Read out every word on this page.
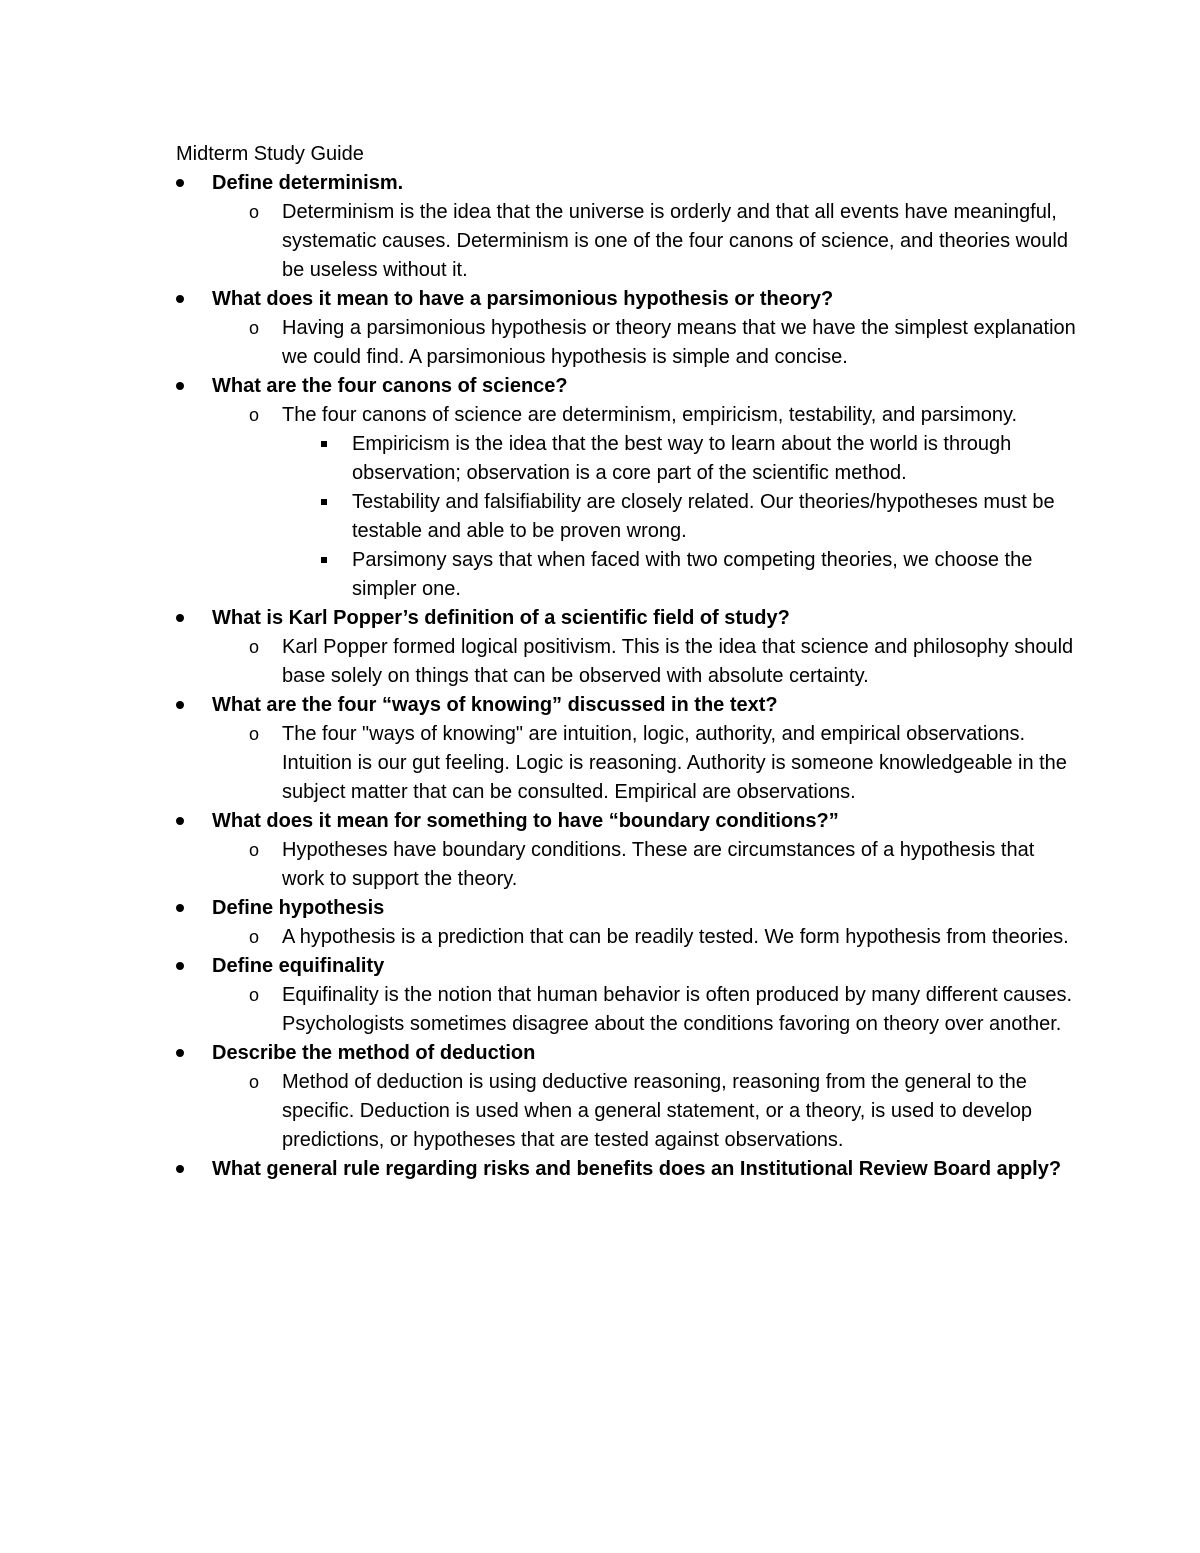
Midterm Study Guide
Define determinism.
o Determinism is the idea that the universe is orderly and that all events have meaningful, systematic causes. Determinism is one of the four canons of science, and theories would be useless without it.
What does it mean to have a parsimonious hypothesis or theory?
o Having a parsimonious hypothesis or theory means that we have the simplest explanation we could find. A parsimonious hypothesis is simple and concise.
What are the four canons of science?
o The four canons of science are determinism, empiricism, testability, and parsimony.
Empiricism is the idea that the best way to learn about the world is through observation; observation is a core part of the scientific method.
Testability and falsifiability are closely related. Our theories/hypotheses must be testable and able to be proven wrong.
Parsimony says that when faced with two competing theories, we choose the simpler one.
What is Karl Popper’s definition of a scientific field of study?
o Karl Popper formed logical positivism. This is the idea that science and philosophy should base solely on things that can be observed with absolute certainty.
What are the four “ways of knowing” discussed in the text?
o The four "ways of knowing" are intuition, logic, authority, and empirical observations. Intuition is our gut feeling. Logic is reasoning. Authority is someone knowledgeable in the subject matter that can be consulted. Empirical are observations.
What does it mean for something to have “boundary conditions?”
o Hypotheses have boundary conditions. These are circumstances of a hypothesis that work to support the theory.
Define hypothesis
o A hypothesis is a prediction that can be readily tested. We form hypothesis from theories.
Define equifinality
o Equifinality is the notion that human behavior is often produced by many different causes. Psychologists sometimes disagree about the conditions favoring on theory over another.
Describe the method of deduction
o Method of deduction is using deductive reasoning, reasoning from the general to the specific. Deduction is used when a general statement, or a theory, is used to develop predictions, or hypotheses that are tested against observations.
What general rule regarding risks and benefits does an Institutional Review Board apply?
